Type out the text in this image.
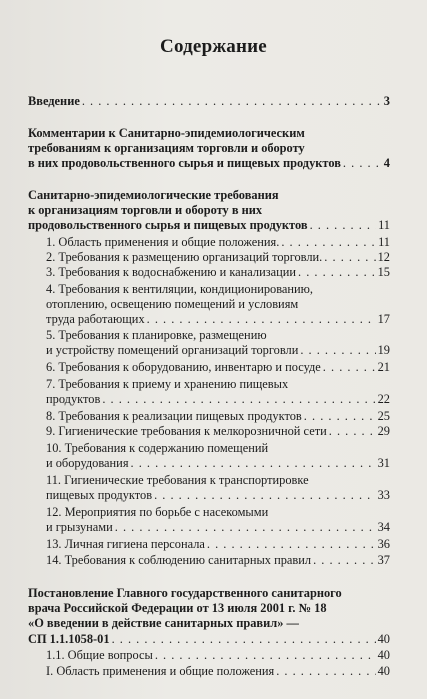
Содержание
Введение . . .	3
Комментарии к Санитарно-эпидемиологическим
требованиям к организациям торговли и обороту
в них продовольственного сырья и пищевых продуктов . . .	4
Санитарно-эпидемиологические требования
к организациям торговли и обороту в них
продовольственного сырья и пищевых продуктов . . .	11
1. Область применения и общие положения. . . .	11
2. Требования к размещению организаций торговли. . . .	12
3. Требования к водоснабжению и канализации . . .	15
4. Требования к вентиляции, кондиционированию,
отоплению, освещению помещений и условиям
труда работающих . . .	17
5. Требования к планировке, размещению
и устройству помещений организаций торговли . . .	19
6. Требования к оборудованию, инвентарю и посуде . . .	21
7. Требования к приему и хранению пищевых
продуктов . . .	22
8. Требования к реализации пищевых продуктов . . .	25
9. Гигиенические требования к мелкорозничной сети . . .	29
10. Требования к содержанию помещений
и оборудования . . .	31
11. Гигиенические требования к транспортировке
пищевых продуктов . . .	33
12. Мероприятия по борьбе с насекомыми
и грызунами . . .	34
13. Личная гигиена персонала . . .	36
14. Требования к соблюдению санитарных правил . . .	37
Постановление Главного государственного санитарного
врача Российской Федерации от 13 июля 2001 г. № 18
«О введении в действие санитарных правил» —
СП 1.1.1058-01 . . .	40
1.1. Общие вопросы . . .	40
I. Область применения и общие положения . . .	40
